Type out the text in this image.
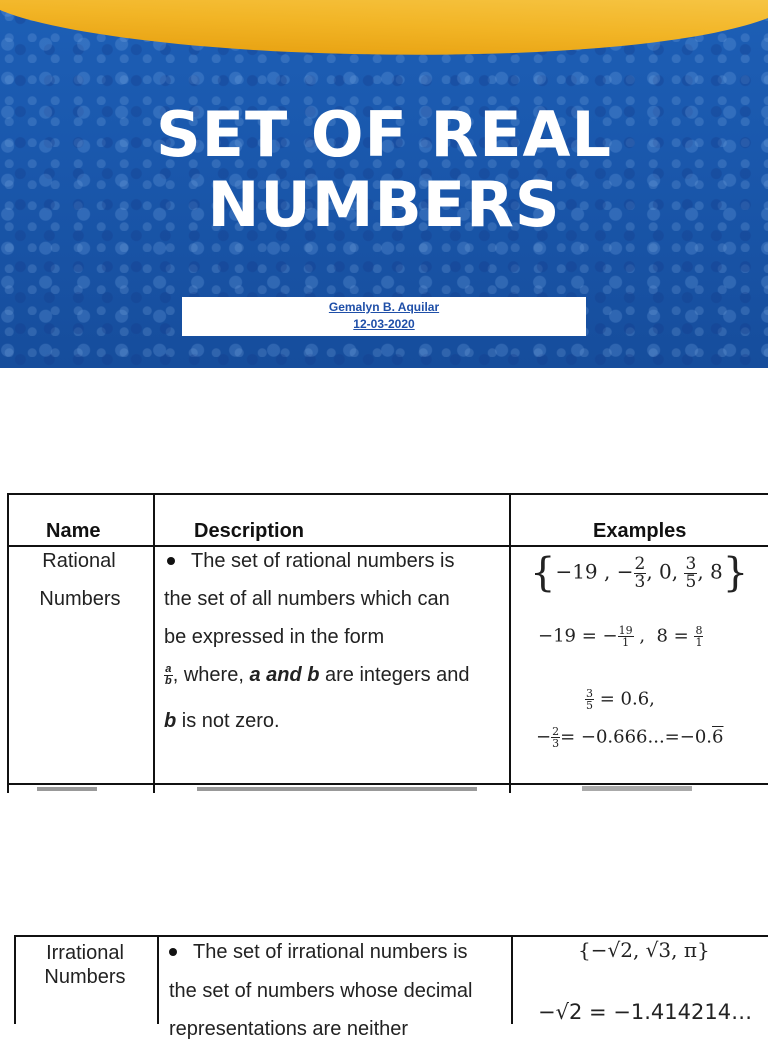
SET OF REAL
NUMBERS
Gemalyn B. Aquilar
12-03-2020
Name	Description	Examples
Rational
Numbers
The set of rational numbers is
the set of all numbers which can
be expressed in the form
$\frac{a}{b}$ , where, a and b are integers and
b is not zero.
{−19 , − $\frac{2}{3}$ , 0, $\frac{3}{5}$ , 8}
−19 = − $\frac{19}{1}$ ,  $8 = \frac{8}{1}$
$\frac{3}{5} = 0.6$,
− $\frac{2}{3} = -0.666...=-0.6$
Irrational
Numbers
The set of irrational numbers is
the set of numbers whose decimal
representations are neither
{−√2, √3, π}
−√2 = −1.414214…
